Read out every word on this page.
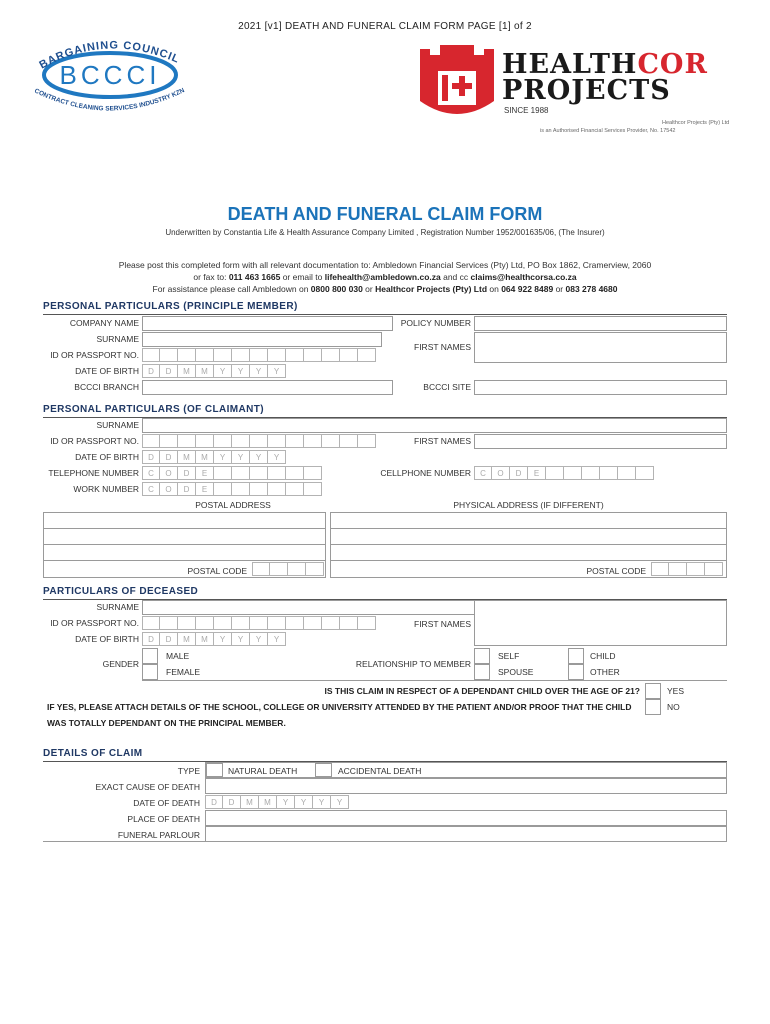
2021 [v1] DEATH AND FUNERAL CLAIM FORM PAGE [1] of 2
BARGAINING COUNCIL
BCCCI
CONTRACT CLEANING SERVICES INDUSTRY KZN
HEALTHCOR
PROJECTS
SINCE 1988
Healthcor Projects (Pty) Ltd
is an Authorised Financial Services Provider, No. 17542
DEATH AND FUNERAL CLAIM FORM
Underwritten by Constantia Life & Health Assurance Company Limited , Registration Number 1952/001635/06, (The Insurer)
Please post this completed form with all relevant documentation to: Ambledown Financial Services (Pty) Ltd, PO Box 1862, Cramerview, 2060
or fax to: 011 463 1665 or email to lifehealth@ambledown.co.za and cc claims@healthcorsa.co.za
For assistance please call Ambledown on 0800 800 030 or Healthcor Projects (Pty) Ltd on 064 922 8489 or 083 278 4680
PERSONAL PARTICULARS (PRINCIPLE MEMBER)
COMPANY NAME	POLICY NUMBER
SURNAME
FIRST NAMES
ID OR PASSPORT NO.
DATE OF BIRTH	D	D	M	M	Y	Y	Y	Y
BCCCI BRANCH	BCCCI SITE
PERSONAL PARTICULARS (OF CLAIMANT)
SURNAME
ID OR PASSPORT NO.	FIRST NAMES
DATE OF BIRTH	D	D	M	M	Y	Y	Y	Y
TELEPHONE NUMBER	C	O	D	E	CELLPHONE NUMBER	C	O	D	E
WORK NUMBER	C	O	D	E
POSTAL ADDRESS	PHYSICAL ADDRESS (IF DIFFERENT)
POSTAL CODE	POSTAL CODE
PARTICULARS OF DECEASED
SURNAME
ID OR PASSPORT NO.	FIRST NAMES
DATE OF BIRTH	D	D	M	M	Y	Y	Y	Y
GENDER
MALE
FEMALE
RELATIONSHIP TO MEMBER
SELF
SPOUSE
CHILD
OTHER
IS THIS CLAIM IN RESPECT OF A DEPENDANT CHILD OVER THE AGE OF 21?	YES
NO
IF YES, PLEASE ATTACH DETAILS OF THE SCHOOL, COLLEGE OR UNIVERSITY ATTENDED BY THE PATIENT AND/OR PROOF THAT THE CHILD
WAS TOTALLY DEPENDANT ON THE PRINCIPAL MEMBER.
DETAILS OF CLAIM
TYPE	NATURAL DEATH	ACCIDENTAL DEATH
EXACT CAUSE OF DEATH
DATE OF DEATH	D	D	M	M	Y	Y	Y	Y
PLACE OF DEATH
FUNERAL PARLOUR
